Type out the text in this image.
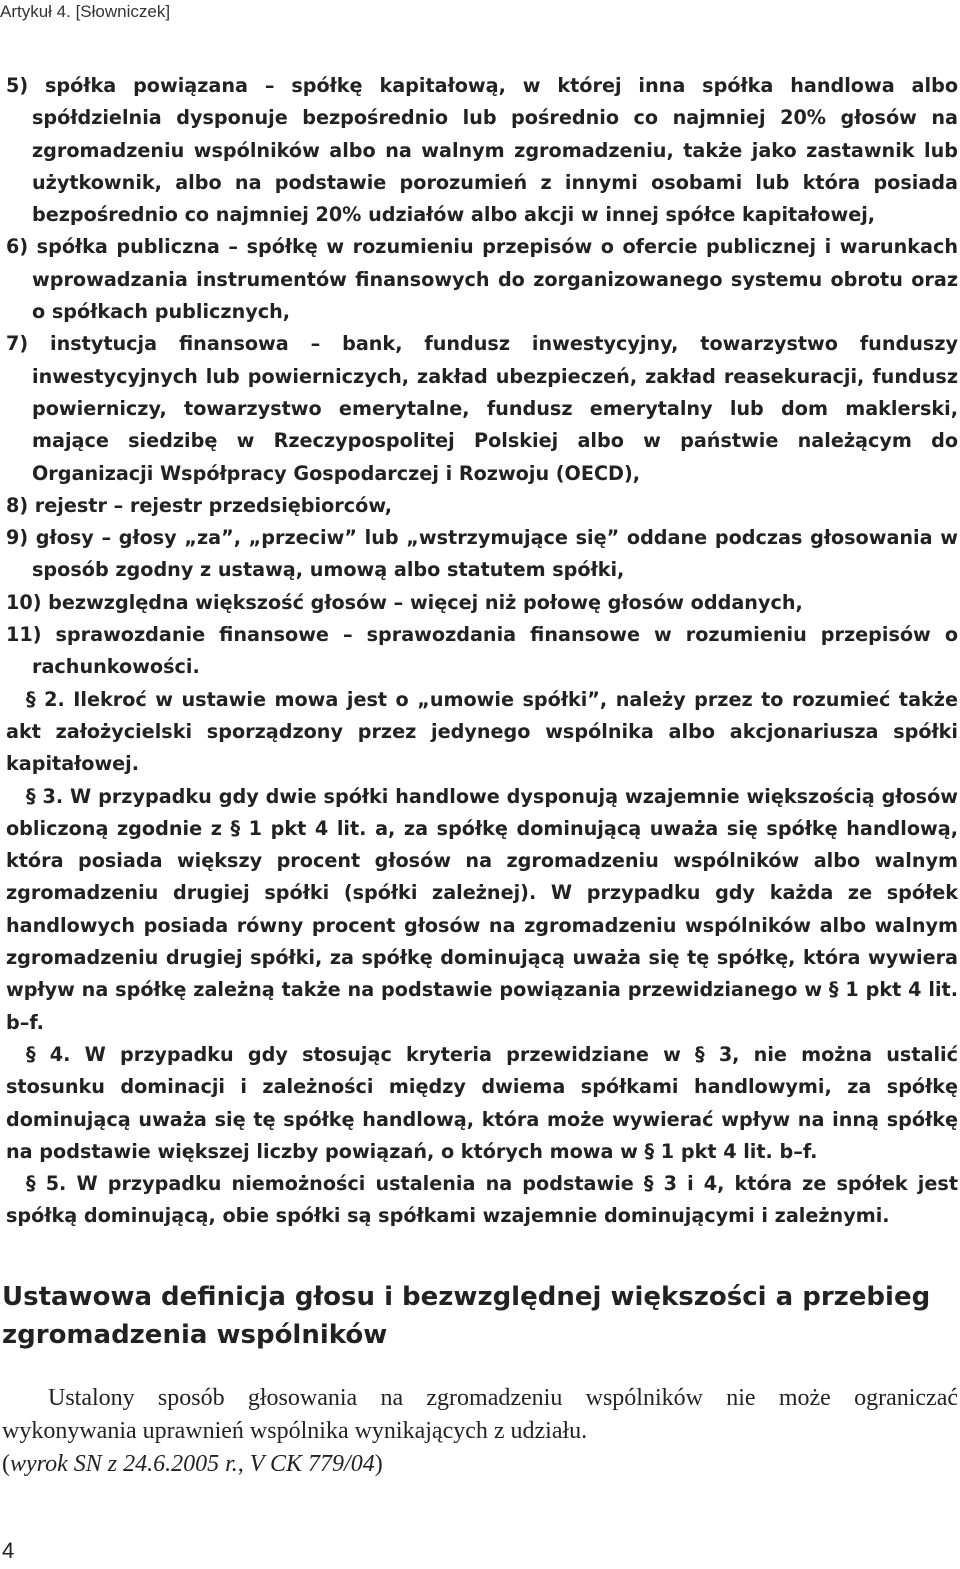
Artykuł 4. [Słowniczek]

5) spółka powiązana – spółkę kapitałową, w której inna spółka handlowa albo spółdzielnia dysponuje bezpośrednio lub pośrednio co najmniej 20% głosów na zgromadzeniu wspólników albo na walnym zgromadzeniu, także jako zastawnik lub użytkownik, albo na podstawie porozumień z innymi osobami lub która posiada bezpośrednio co najmniej 20% udziałów albo akcji w innej spółce kapitałowej,

6) spółka publiczna – spółkę w rozumieniu przepisów o ofercie publicznej i warunkach wprowadzania instrumentów finansowych do zorganizowanego systemu obrotu oraz o spółkach publicznych,

7) instytucja finansowa – bank, fundusz inwestycyjny, towarzystwo funduszy inwestycyjnych lub powierniczych, zakład ubezpieczeń, zakład reasekuracji, fundusz powierniczy, towarzystwo emerytalne, fundusz emerytalny lub dom maklerski, mające siedzibę w Rzeczypospolitej Polskiej albo w państwie należącym do Organizacji Współpracy Gospodarczej i Rozwoju (OECD),

8) rejestr – rejestr przedsiębiorców,

9) głosy – głosy „za”, „przeciw” lub „wstrzymujące się” oddane podczas głosowania w sposób zgodny z ustawą, umową albo statutem spółki,

10) bezwzględna większość głosów – więcej niż połowę głosów oddanych,

11) sprawozdanie finansowe – sprawozdania finansowe w rozumieniu przepisów o rachunkowości.

§ 2. Ilekroć w ustawie mowa jest o „umowie spółki”, należy przez to rozumieć także akt założycielski sporządzony przez jedynego wspólnika albo akcjonariusza spółki kapitałowej.

§ 3. W przypadku gdy dwie spółki handlowe dysponują wzajemnie większością głosów obliczoną zgodnie z § 1 pkt 4 lit. a, za spółkę dominującą uważa się spółkę handlową, która posiada większy procent głosów na zgromadzeniu wspólników albo walnym zgromadzeniu drugiej spółki (spółki zależnej). W przypadku gdy każda ze spółek handlowych posiada równy procent głosów na zgromadzeniu wspólników albo walnym zgromadzeniu drugiej spółki, za spółkę dominującą uważa się tę spółkę, która wywiera wpływ na spółkę zależną także na podstawie powiązania przewidzianego w § 1 pkt 4 lit. b–f.

§ 4. W przypadku gdy stosując kryteria przewidziane w § 3, nie można ustalić stosunku dominacji i zależności między dwiema spółkami handlowymi, za spółkę dominującą uważa się tę spółkę handlową, która może wywierać wpływ na inną spółkę na podstawie większej liczby powiązań, o których mowa w § 1 pkt 4 lit. b–f.

§ 5. W przypadku niemożności ustalenia na podstawie § 3 i 4, która ze spółek jest spółką dominującą, obie spółki są spółkami wzajemnie dominującymi i zależnymi.

Ustawowa definicja głosu i bezwzględnej większości a przebieg zgromadzenia wspólników

Ustalony sposób głosowania na zgromadzeniu wspólników nie może ograniczać wykonywania uprawnień wspólnika wynikających z udziału.

(wyrok SN z 24.6.2005 r., V CK 779/04)

4
